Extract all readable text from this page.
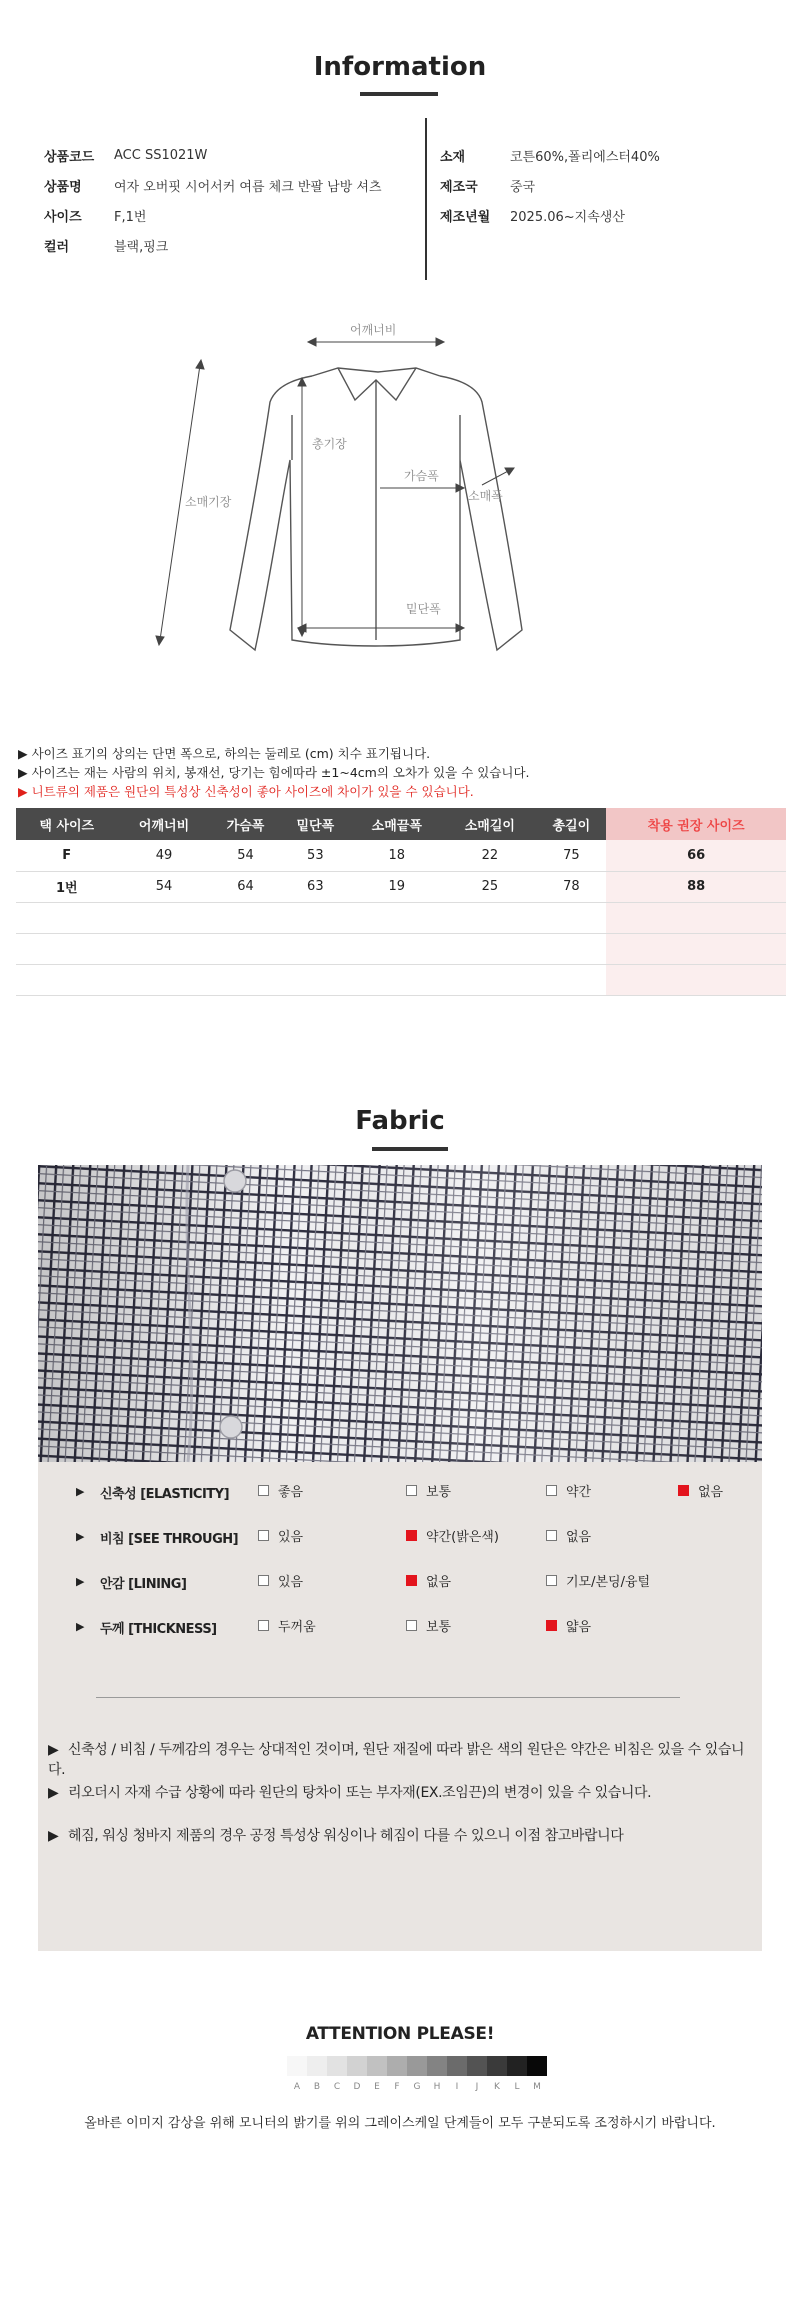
Information
상품코드	ACC SS1021W
상품명	여자 오버핏 시어서커 여름 체크 반팔 남방 셔츠
사이즈	F,1번
컬러	블랙,핑크
소재	코튼60%,폴리에스터40%
제조국	중국
제조년월	2025.06~지속생산
어깨너비
총기장
가슴폭
소매폭
소매기장
밑단폭
▶ 사이즈 표기의 상의는 단면 폭으로, 하의는 둘레로 (cm) 치수 표기됩니다.
▶ 사이즈는 재는 사람의 위치, 봉재선, 당기는 힘에따라 ±1~4cm의 오차가 있을 수 있습니다.
▶ 니트류의 제품은 원단의 특성상 신축성이 좋아 사이즈에 차이가 있을 수 있습니다.
택 사이즈	어깨너비	가슴폭	밑단폭	소매끝폭	소매길이	총길이	착용 권장 사이즈
F	49	54	53	18	22	75	66
1번	54	64	63	19	25	78	88

Fabric
▶ 신축성 [ELASTICITY]	좋음	보통	약간	없음
▶ 비침 [SEE THROUGH]	있음	약간(밝은색)	없음
▶ 안감 [LINING]	있음	없음	기모/본딩/융털
▶ 두께 [THICKNESS]	두꺼움	보통	얇음
▶ 신축성 / 비침 / 두께감의 경우는 상대적인 것이며, 원단 재질에 따라 밝은 색의 원단은 약간은 비침은 있을 수 있습니다.
▶ 리오더시 자재 수급 상황에 따라 원단의 탕차이 또는 부자재(EX.조임끈)의 변경이 있을 수 있습니다.
▶ 헤짐, 워싱 청바지 제품의 경우 공정 특성상 워싱이나 헤짐이 다를 수 있으니 이점 참고바랍니다
ATTENTION PLEASE!
A	B	C	D	E	F	G	H	I	J	K	L	M
올바른 이미지 감상을 위해 모니터의 밝기를 위의 그레이스케일 단계들이 모두 구분되도록 조정하시기 바랍니다.
